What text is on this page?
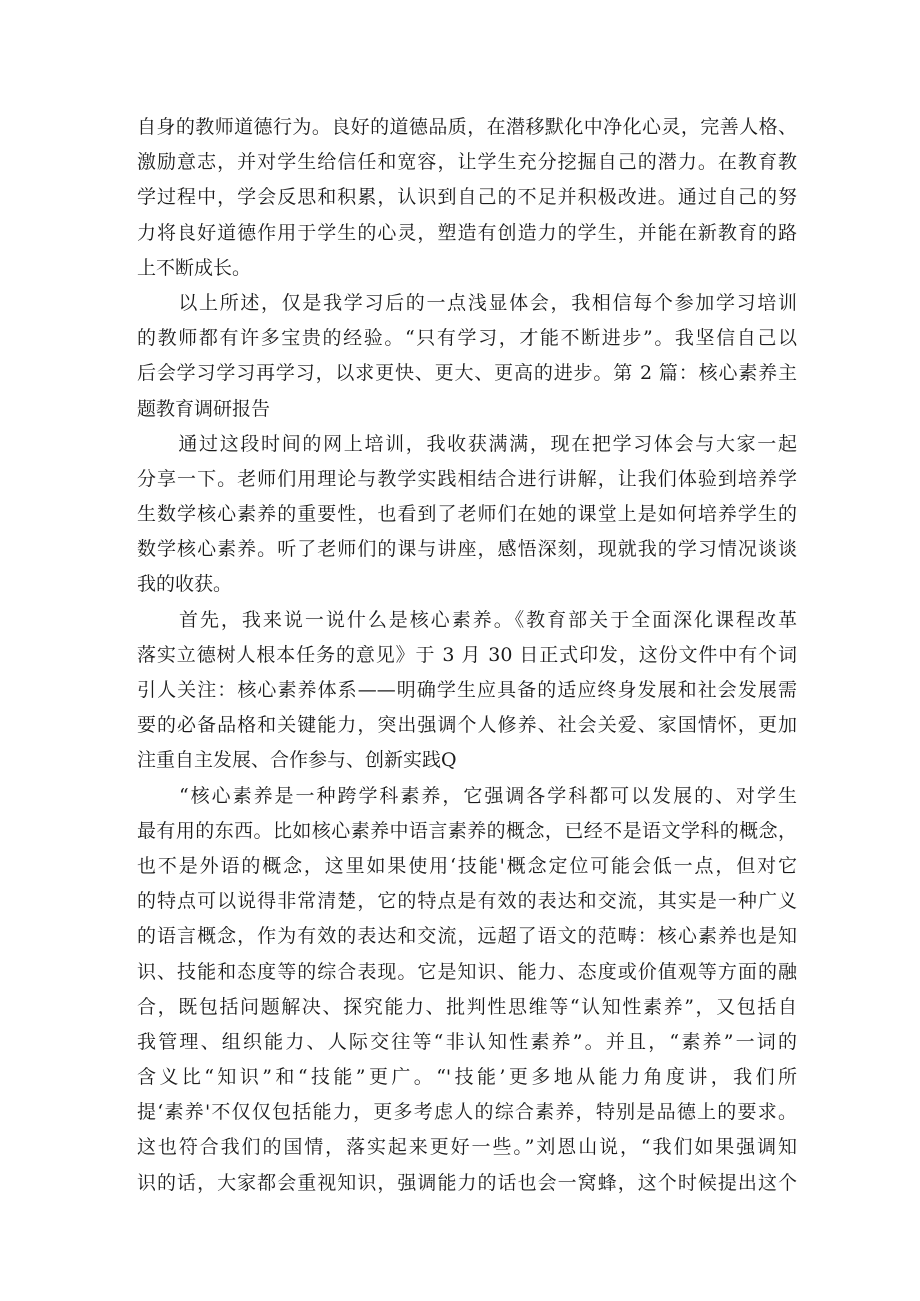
自身的教师道德行为。良好的道德品质，在潜移默化中净化心灵，完善人格、
激励意志，并对学生给信任和宽容，让学生充分挖掘自己的潜力。在教育教
学过程中，学会反思和积累，认识到自己的不足并积极改进。通过自己的努
力将良好道德作用于学生的心灵，塑造有创造力的学生，并能在新教育的路
上不断成长。
　　以上所述，仅是我学习后的一点浅显体会，我相信每个参加学习培训
的教师都有许多宝贵的经验。“只有学习，才能不断进步”。我坚信自己以
后会学习学习再学习，以求更快、更大、更高的进步。第 2 篇：核心素养主
题教育调研报告
　　通过这段时间的网上培训，我收获满满，现在把学习体会与大家一起
分享一下。老师们用理论与教学实践相结合进行讲解，让我们体验到培养学
生数学核心素养的重要性，也看到了老师们在她的课堂上是如何培养学生的
数学核心素养。听了老师们的课与讲座，感悟深刻，现就我的学习情况谈谈
我的收获。
　　首先，我来说一说什么是核心素养。《教育部关于全面深化课程改革
落实立德树人根本任务的意见》于 3 月 30 日正式印发，这份文件中有个词
引人关注：核心素养体系——明确学生应具备的适应终身发展和社会发展需
要的必备品格和关键能力，突出强调个人修养、社会关爱、家国情怀，更加
注重自主发展、合作参与、创新实践Q
　　“核心素养是一种跨学科素养，它强调各学科都可以发展的、对学生
最有用的东西。比如核心素养中语言素养的概念，已经不是语文学科的概念，
也不是外语的概念，这里如果使用‘技能'概念定位可能会低一点，但对它
的特点可以说得非常清楚，它的特点是有效的表达和交流，其实是一种广义
的语言概念，作为有效的表达和交流，远超了语文的范畴：核心素养也是知
识、技能和态度等的综合表现。它是知识、能力、态度或价值观等方面的融
合，既包括问题解决、探究能力、批判性思维等“认知性素养”，又包括自
我管理、组织能力、人际交往等“非认知性素养”。并且，“素养”一词的
含义比“知识”和“技能”更广。“'技能’更多地从能力角度讲，我们所
提‘素养'不仅仅包括能力，更多考虑人的综合素养，特别是品德上的要求。
这也符合我们的国情，落实起来更好一些。”刘恩山说，“我们如果强调知
识的话，大家都会重视知识，强调能力的话也会一窝蜂，这个时候提出这个
